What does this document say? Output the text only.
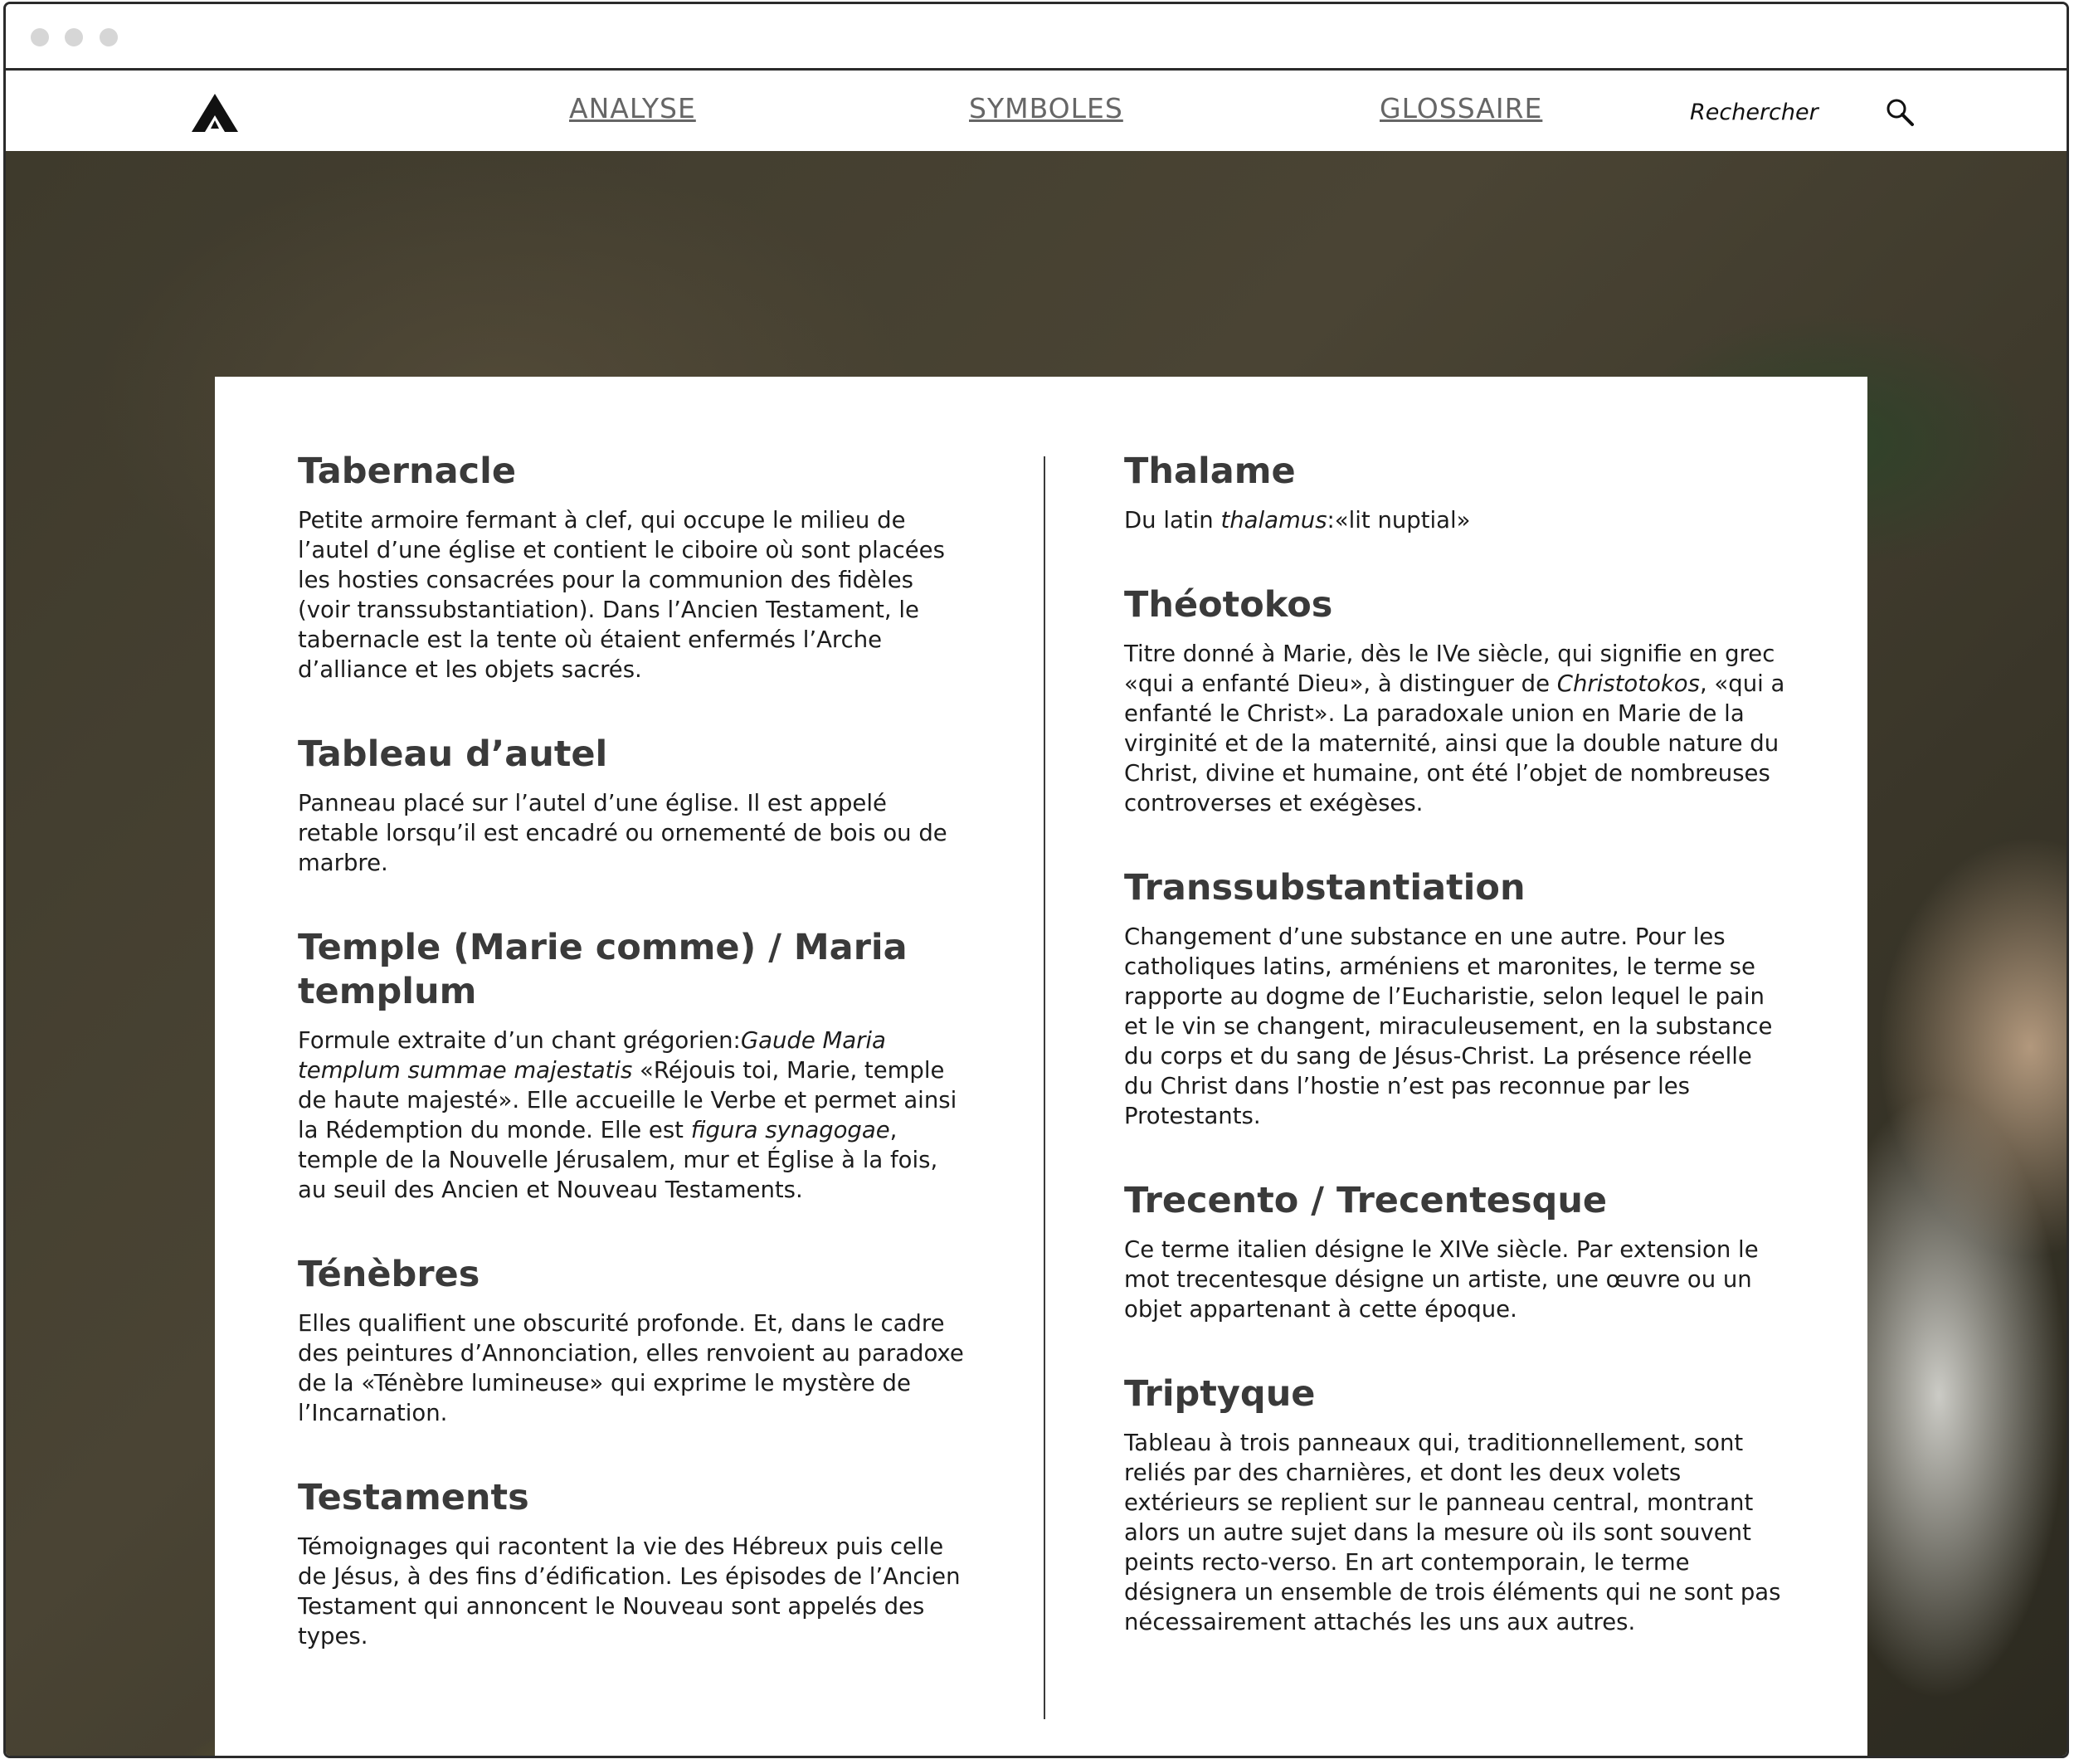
ANALYSE	SYMBOLES	GLOSSAIRE	Rechercher
Tabernacle

Petite armoire fermant à clef, qui occupe le milieu de l’autel d’une église et contient le ciboire où sont placées les hosties consacrées pour la communion des fidèles (voir transsubstantiation). Dans l’Ancien Testament, le tabernacle est la tente où étaient enfermés l’Arche d’alliance et les objets sacrés.

Tableau d’autel

Panneau placé sur l’autel d’une église. Il est appelé retable lorsqu’il est encadré ou ornementé de bois ou de marbre.

Temple (Marie comme) / Maria templum

Formule extraite d’un chant grégorien:Gaude Maria templum summae majestatis «Réjouis toi, Marie, temple de haute majesté». Elle accueille le Verbe et permet ainsi la Rédemption du monde. Elle est figura synagogae, temple de la Nouvelle Jérusalem, mur et Église à la fois, au seuil des Ancien et Nouveau Testaments.

Ténèbres

Elles qualifient une obscurité profonde. Et, dans le cadre des peintures d’Annonciation, elles renvoient au paradoxe de la «Ténèbre lumineuse» qui exprime le mystère de l’Incarnation.

Testaments

Témoignages qui racontent la vie des Hébreux puis celle de Jésus, à des fins d’édification. Les épisodes de l’Ancien Testament qui annoncent le Nouveau sont appelés des types.

Thalame

Du latin thalamus:«lit nuptial»

Théotokos

Titre donné à Marie, dès le IVe siècle, qui signifie en grec «qui a enfanté Dieu», à distinguer de Christotokos, «qui a enfanté le Christ». La paradoxale union en Marie de la virginité et de la maternité, ainsi que la double nature du Christ, divine et humaine, ont été l’objet de nombreuses controverses et exégèses.

Transsubstantiation

Changement d’une substance en une autre. Pour les catholiques latins, arméniens et maronites, le terme se rapporte au dogme de l’Eucharistie, selon lequel le pain et le vin se changent, miraculeusement, en la substance du corps et du sang de Jésus-Christ. La présence réelle du Christ dans l’hostie n’est pas reconnue par les Protestants.

Trecento / Trecentesque

Ce terme italien désigne le XIVe siècle. Par extension le mot trecentesque désigne un artiste, une œuvre ou un objet appartenant à cette époque.

Triptyque

Tableau à trois panneaux qui, traditionnellement, sont reliés par des charnières, et dont les deux volets extérieurs se replient sur le panneau central, montrant alors un autre sujet dans la mesure où ils sont souvent peints recto-verso. En art contemporain, le terme désignera un ensemble de trois éléments qui ne sont pas nécessairement attachés les uns aux autres.
